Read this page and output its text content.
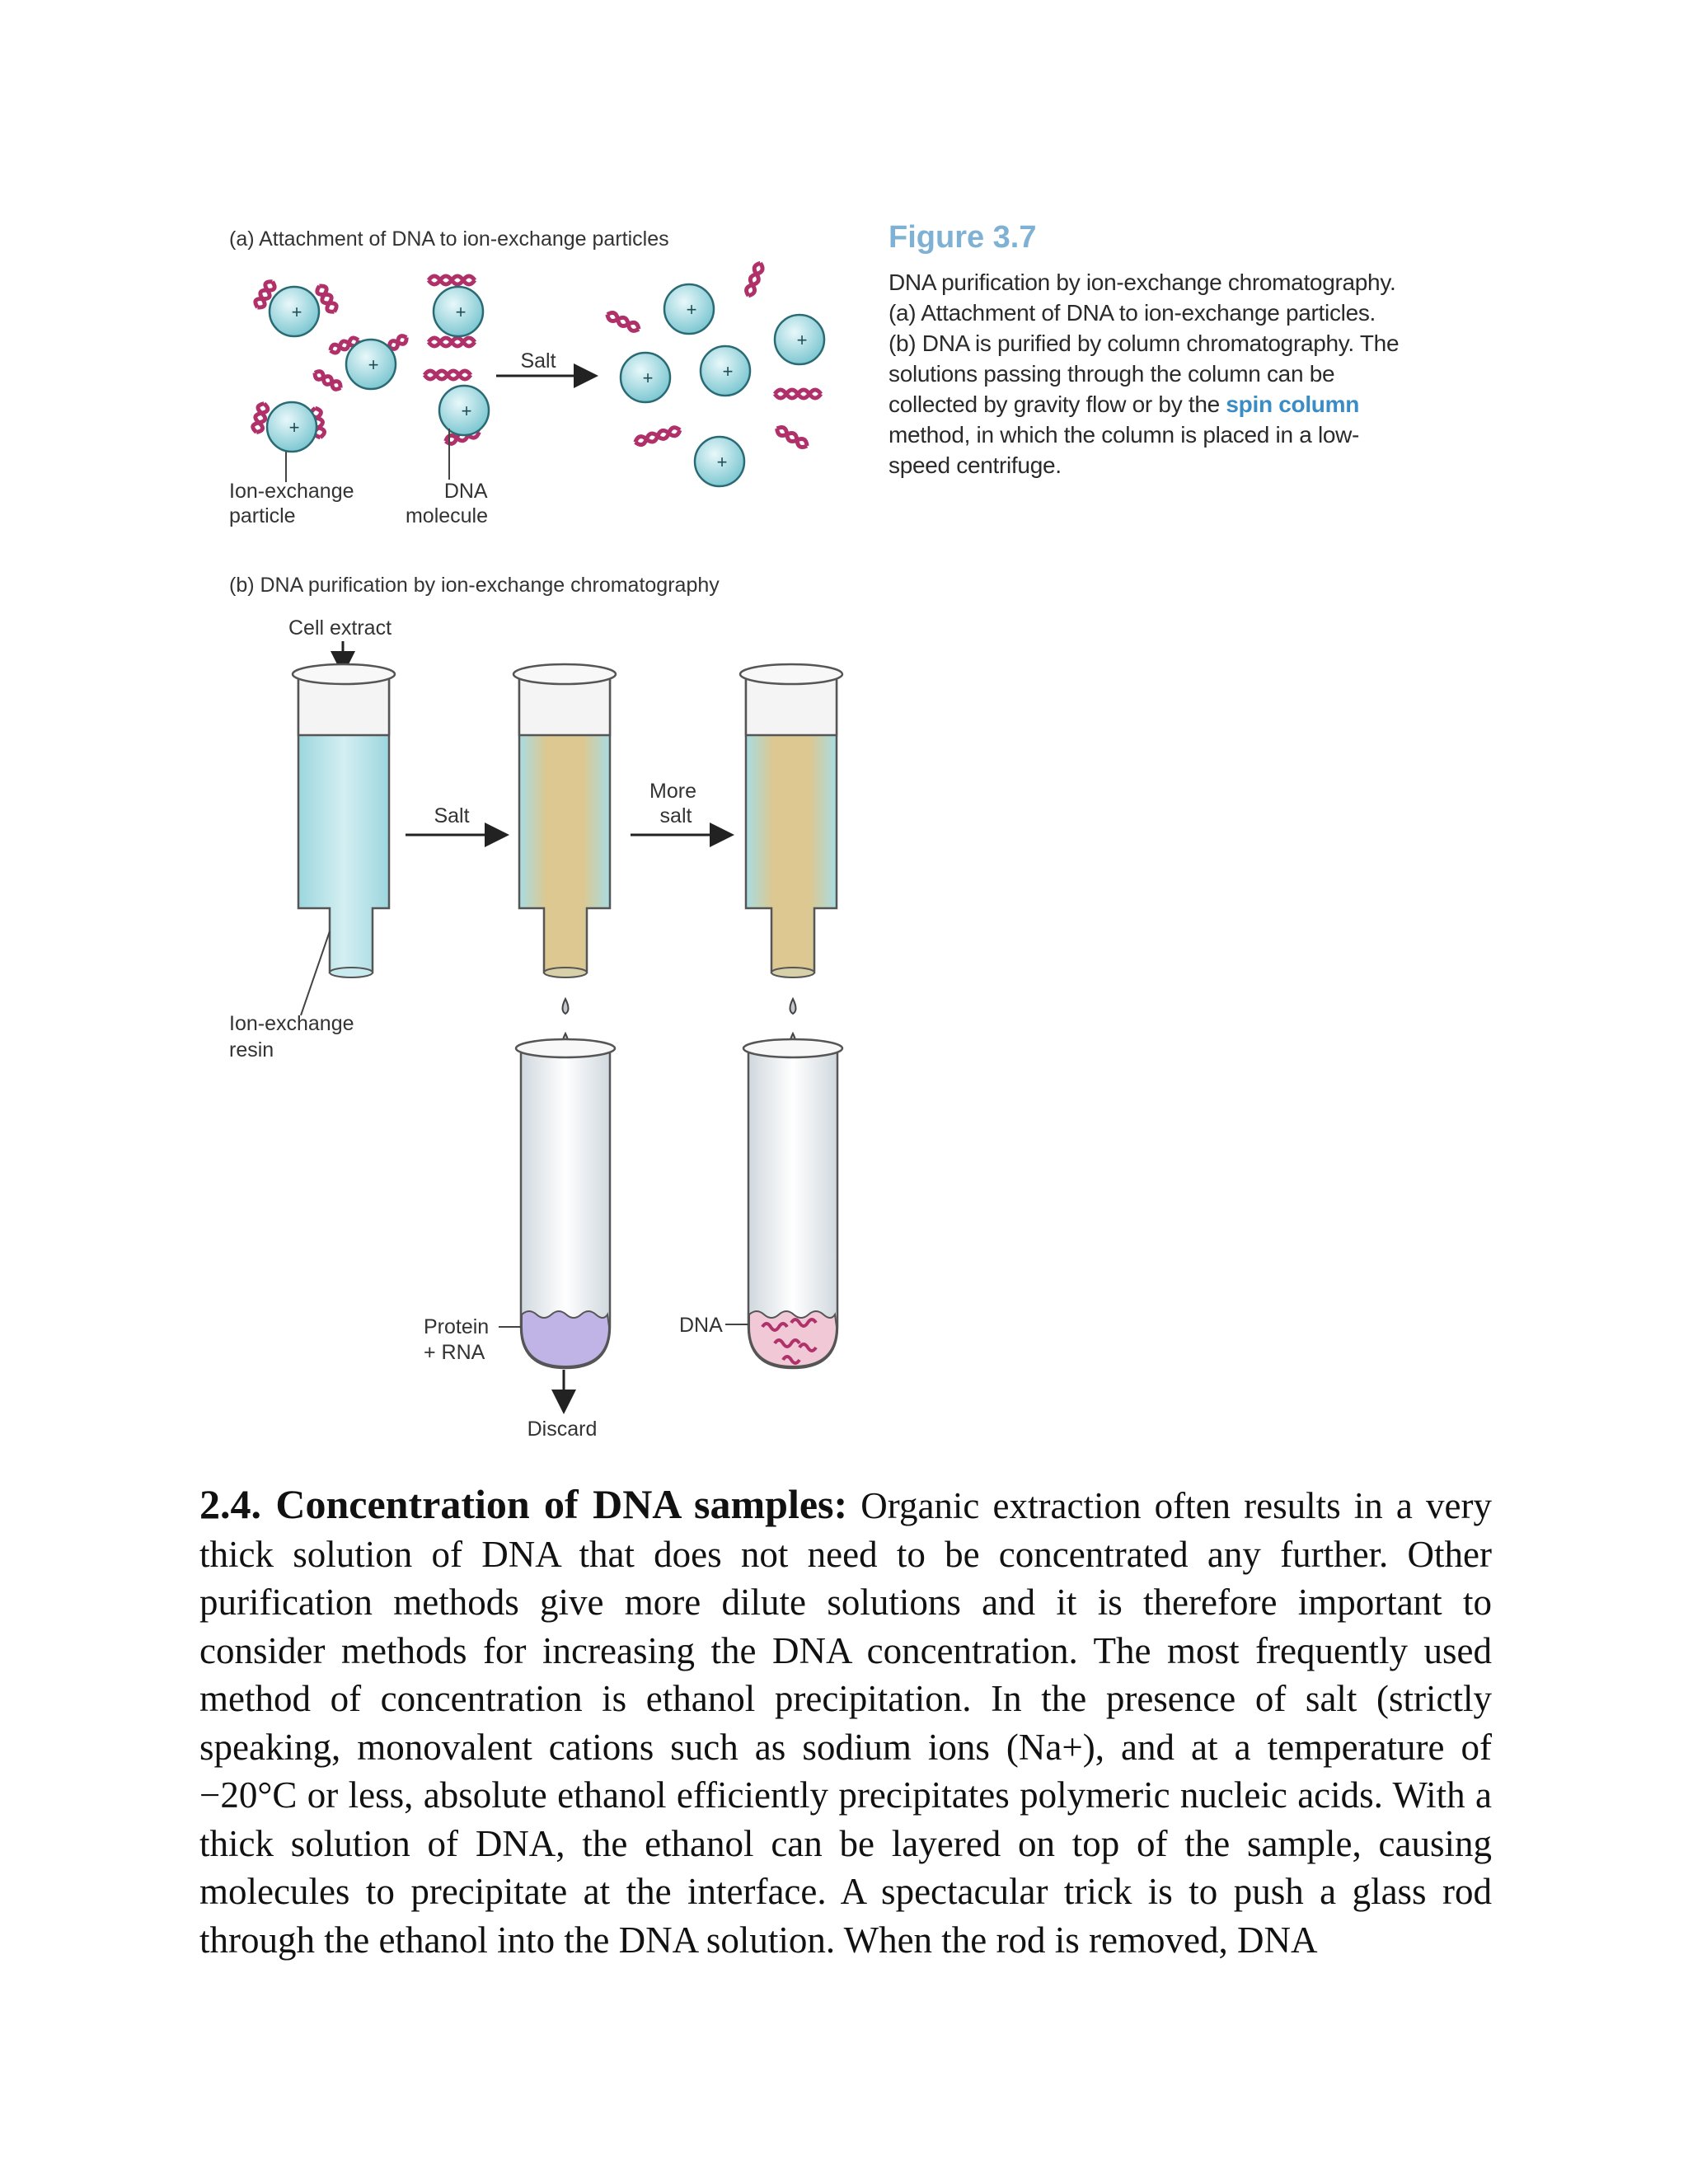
(a) Attachment of DNA to ion-exchange particles
+
+
+
+
+
+
+
+	+
+
Salt
Ion-exchange particle
DNA molecule
(b) DNA purification by ion-exchange chromatography
Cell extract
Ion-exchange resin
Salt
More salt
Protein + RNA
Discard
DNA
Figure 3.7
DNA purification by ion-exchange chromatography. (a) Attachment of DNA to ion-exchange particles. (b) DNA is purified by column chromatography. The solutions passing through the column can be collected by gravity flow or by the spin column method, in which the column is placed in a low-speed centrifuge.
2.4. Concentration of DNA samples: Organic extraction often results in a very thick solution of DNA that does not need to be concentrated any further. Other purification methods give more dilute solutions and it is therefore important to consider methods for increasing the DNA concentration. The most frequently used method of concentration is ethanol precipitation. In the presence of salt (strictly speaking, monovalent cations such as sodium ions (Na+), and at a temperature of −20°C or less, absolute ethanol efficiently precipitates polymeric nucleic acids. With a thick solution of DNA, the ethanol can be layered on top of the sample, causing molecules to precipitate at the interface. A spectacular trick is to push a glass rod through the ethanol into the DNA solution. When the rod is removed, DNA
